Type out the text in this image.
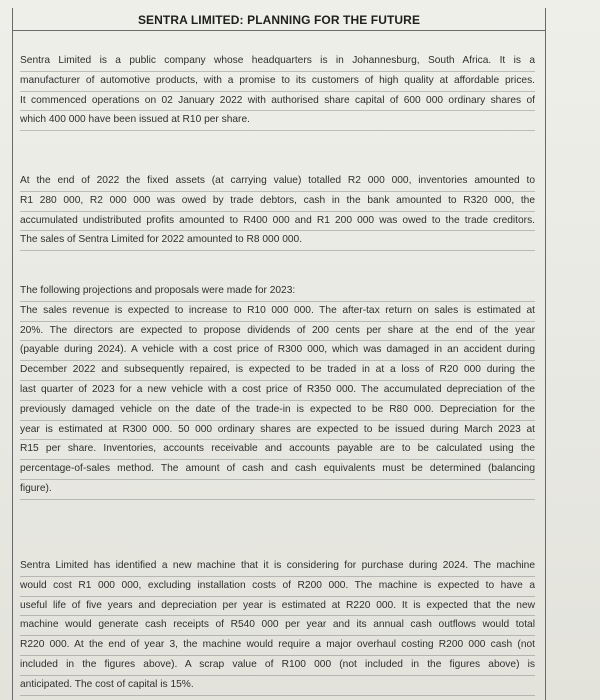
SENTRA LIMITED: PLANNING FOR THE FUTURE
Sentra Limited is a public company whose headquarters is in Johannesburg, South Africa. It is a
manufacturer of automotive products, with a promise to its customers of high quality at affordable prices.
It commenced operations on 02 January 2022 with authorised share capital of 600 000 ordinary shares of
which 400 000 have been issued at R10 per share.
At the end of 2022 the fixed assets (at carrying value) totalled R2 000 000, inventories amounted to
R1 280 000, R2 000 000 was owed by trade debtors, cash in the bank amounted to R320 000, the
accumulated undistributed profits amounted to R400 000 and R1 200 000 was owed to the trade creditors.
The sales of Sentra Limited for 2022 amounted to R8 000 000.
The following projections and proposals were made for 2023:
The sales revenue is expected to increase to R10 000 000. The after-tax return on sales is estimated at
20%. The directors are expected to propose dividends of 200 cents per share at the end of the year
(payable during 2024). A vehicle with a cost price of R300 000, which was damaged in an accident during
December 2022 and subsequently repaired, is expected to be traded in at a loss of R20 000 during the
last quarter of 2023 for a new vehicle with a cost price of R350 000. The accumulated depreciation of the
previously damaged vehicle on the date of the trade-in is expected to be R80 000. Depreciation for the
year is estimated at R300 000. 50 000 ordinary shares are expected to be issued during March 2023 at
R15 per share. Inventories, accounts receivable and accounts payable are to be calculated using the
percentage-of-sales method. The amount of cash and cash equivalents must be determined (balancing
figure).
Sentra Limited has identified a new machine that it is considering for purchase during 2024. The machine
would cost R1 000 000, excluding installation costs of R200 000. The machine is expected to have a
useful life of five years and depreciation per year is estimated at R220 000. It is expected that the new
machine would generate cash receipts of R540 000 per year and its annual cash outflows would total
R220 000. At the end of year 3, the machine would require a major overhaul costing R200 000 cash (not
included in the figures above). A scrap value of R100 000 (not included in the figures above) is
anticipated. The cost of capital is 15%.
